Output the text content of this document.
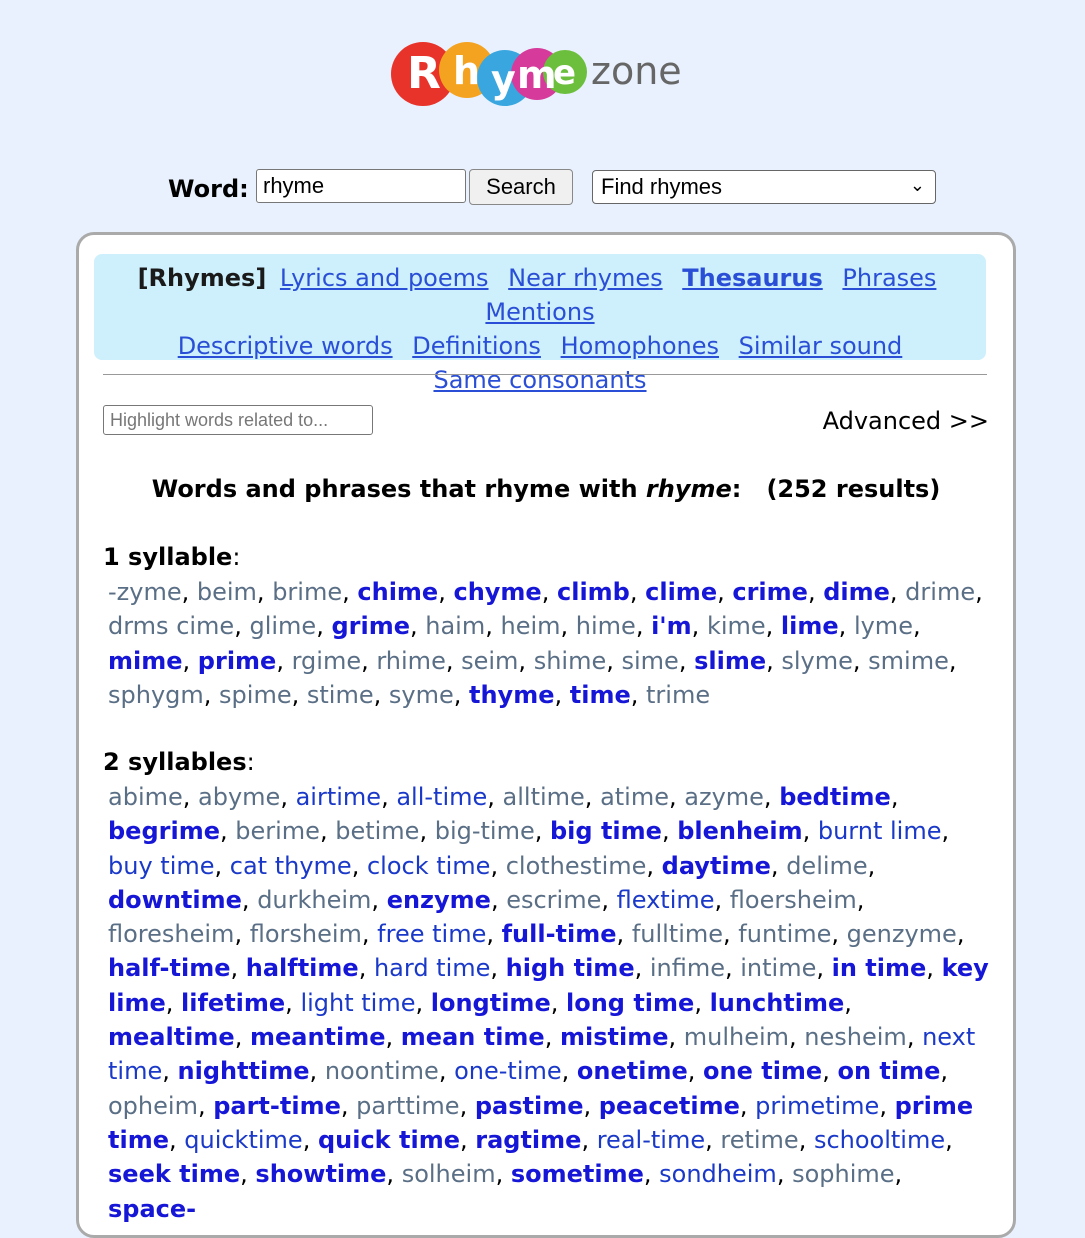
R h y m
e zone
Word:
rhyme	Search	Find rhymes	⌄
[Rhymes] Lyrics and poems Near rhymes Thesaurus Phrases Mentions
Descriptive words Definitions Homophones Similar sound
Same consonants
Highlight words related to...	Advanced >>
Words and phrases that rhyme with rhyme: (252 results)
1 syllable:
-zyme, beim, brime, chime, chyme, climb, clime, crime, dime, drime, drms cime, glime, grime, haim, heim, hime, i'm, kime, lime, lyme, mime, prime, rgime, rhime, seim, shime, sime, slime, slyme, smime, sphygm, spime, stime, syme, thyme, time, trime
2 syllables:
abime, abyme, airtime, all-time, alltime, atime, azyme, bedtime, begrime, berime, betime, big-time, big time, blenheim, burnt lime, buy time, cat thyme, clock time, clothestime, daytime, delime, downtime, durkheim, enzyme, escrime, flextime, floersheim, floresheim, florsheim, free time, full-time, fulltime, funtime, genzyme, half-time, halftime, hard time, high time, infime, intime, in time, key lime, lifetime, light time, longtime, long time, lunchtime, mealtime, meantime, mean time, mistime, mulheim, nesheim, next time, nighttime, noontime, one-time, onetime, one time, on time, opheim, part-time, parttime, pastime, peacetime, primetime, prime time, quicktime, quick time, ragtime, real-time, retime, schooltime, seek time, showtime, solheim, sometime, sondheim, sophime, space-
